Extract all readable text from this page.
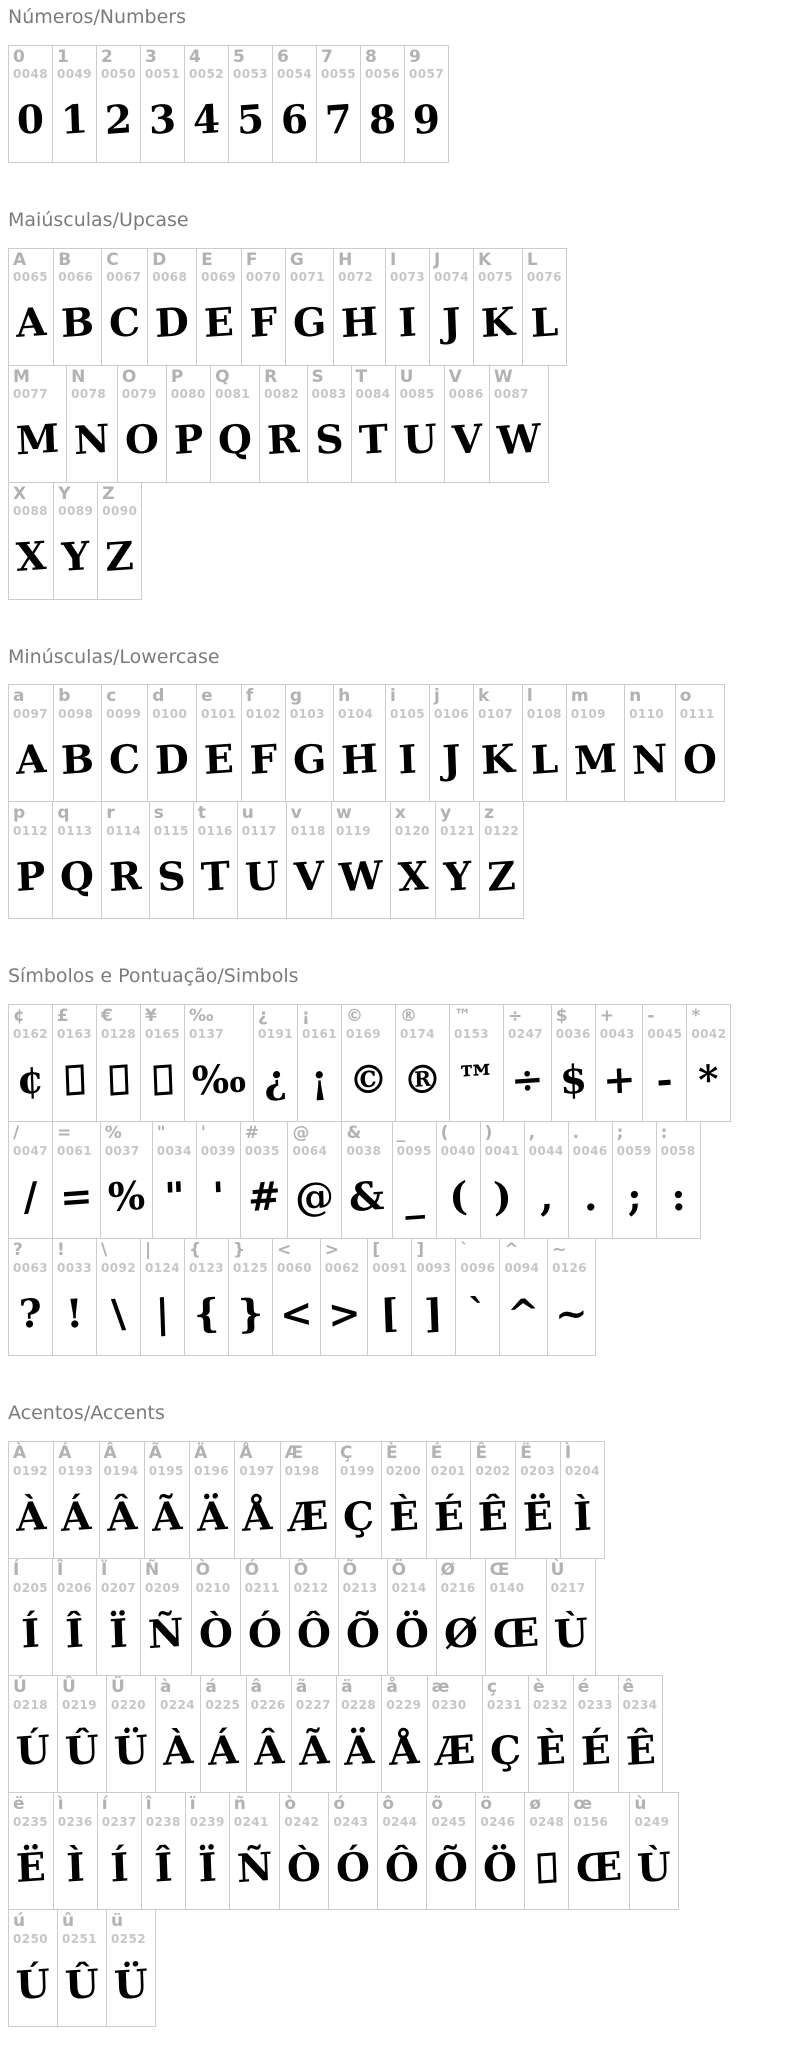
Números/Numbers
0
0048
0
1
0049
1
2
0050
2
3
0051
3
4
0052
4
5
0053
5
6
0054
6
7
0055
7
8
0056
8
9
0057
9
Maiúsculas/Upcase
A
0065
A
B
0066
B
C
0067
C
D
0068
D
E
0069
E
F
0070
F
G
0071
G
H
0072
H
I
0073
I
J
0074
J
K
0075
K
L
0076
L
M
0077
M
N
0078
N
O
0079
O
P
0080
P
Q
0081
Q
R
0082
R
S
0083
S
T
0084
T
U
0085
U
V
0086
V
W
0087
W
X
0088
X
Y
0089
Y
Z
0090
Z
Minúsculas/Lowercase
a
0097
A
b
0098
B
c
0099
C
d
0100
D
e
0101
E
f
0102
F
g
0103
G
h
0104
H
i
0105
I
j
0106
J
k
0107
K
l
0108
L
m
0109
M
n
0110
N
o
0111
O
p
0112
P
q
0113
Q
r
0114
R
s
0115
S
t
0116
T
u
0117
U
v
0118
V
w
0119
W
x
0120
X
y
0121
Y
z
0122
Z
Símbolos e Pontuação/Simbols
¢
0162
¢
£
0163
€
0128
¥
0165
‰
0137
‰
¿
0191
¿
¡
0161
¡
©
0169
©
®
0174
®
™
0153
™
÷
0247
÷
$
0036
$
+
0043
+
-
0045
-
*
0042
*
/
0047
/
=
0061
=
%
0037
%
"
0034
"
'
0039
'
#
0035
#
@
0064
@
&
0038
&
_
0095
_
(
0040
(
)
0041
)
,
0044
,
.
0046
.
;
0059
;
:
0058
:
?
0063
?
!
0033
!
\
0092
\
|
0124
|
{
0123
{
}
0125
}
<
0060
<
>
0062
>
[
0091
[
]
0093
]
`
0096
`
^
0094
^
~
0126
~
Acentos/Accents
À
0192
À
Á
0193
Á
Â
0194
Â
Ã
0195
Ã
Ä
0196
Ä
Å
0197
Å
Æ
0198
Æ
Ç
0199
Ç
È
0200
È
É
0201
É
Ê
0202
Ê
Ë
0203
Ë
Ì
0204
Ì
Í
0205
Í
Î
0206
Î
Ï
0207
Ï
Ñ
0209
Ñ
Ò
0210
Ò
Ó
0211
Ó
Ô
0212
Ô
Õ
0213
Õ
Ö
0214
Ö
Ø
0216
Ø
Œ
0140
Œ
Ù
0217
Ù
Ú
0218
Ú
Û
0219
Û
Ü
0220
Ü
à
0224
À
á
0225
Á
â
0226
Â
ã
0227
Ã
ä
0228
Ä
å
0229
Å
æ
0230
Æ
ç
0231
Ç
è
0232
È
é
0233
É
ê
0234
Ê
ë
0235
Ë
ì
0236
Ì
í
0237
Í
î
0238
Î
ï
0239
Ï
ñ
0241
Ñ
ò
0242
Ò
ó
0243
Ó
ô
0244
Ô
õ
0245
Õ
ö
0246
Ö
ø
0248
œ
0156
Œ
ù
0249
Ù
ú
0250
Ú
û
0251
Û
ü
0252
Ü
